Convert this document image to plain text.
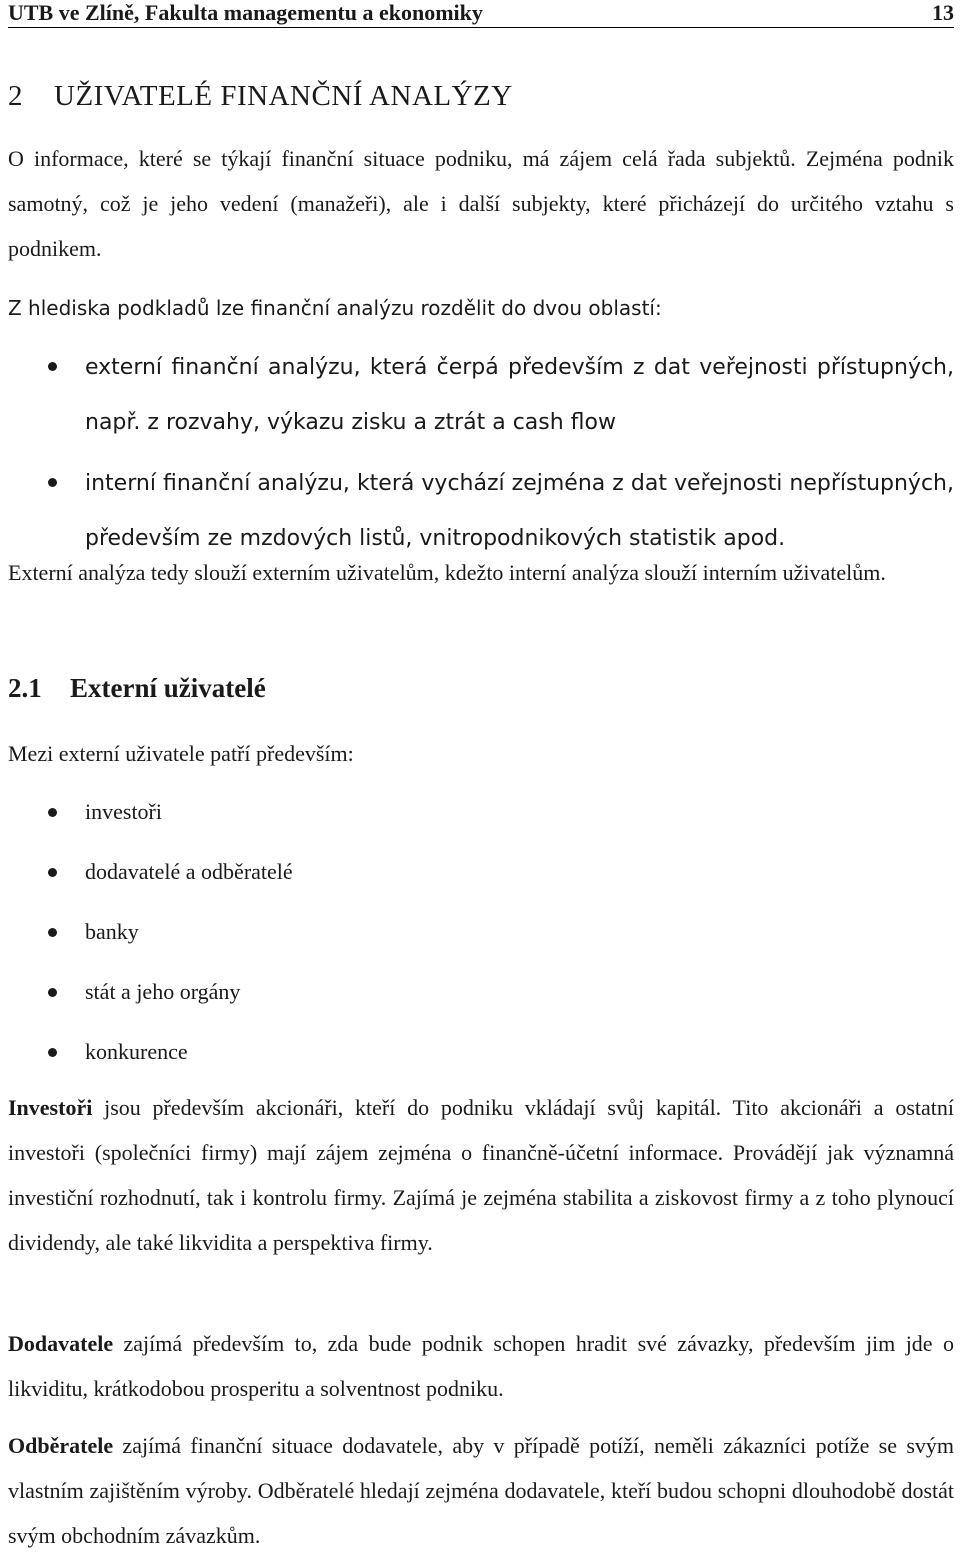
UTB ve Zlíně, Fakulta managementu a ekonomiky	13
2 UŽIVATELÉ FINANČNÍ ANALÝZY

O informace, které se týkají finanční situace podniku, má zájem celá řada subjektů. Zejména podnik samotný, což je jeho vedení (manažeři), ale i další subjekty, které přicházejí do určitého vztahu s podnikem.

Z hlediska podkladů lze finanční analýzu rozdělit do dvou oblastí:

externí finanční analýzu, která čerpá především z dat veřejnosti přístupných, např. z rozvahy, výkazu zisku a ztrát a cash flow
interní finanční analýzu, která vychází zejména z dat veřejnosti nepřístupných, především ze mzdových listů, vnitropodnikových statistik apod.

Externí analýza tedy slouží externím uživatelům, kdežto interní analýza slouží interním uživatelům.

2.1 Externí uživatelé

Mezi externí uživatele patří především:

investoři
dodavatelé a odběratelé
banky
stát a jeho orgány
konkurence

Investoři jsou především akcionáři, kteří do podniku vkládají svůj kapitál. Tito akcionáři a ostatní investoři (společníci firmy) mají zájem zejména o finančně-účetní informace. Provádějí jak významná investiční rozhodnutí, tak i kontrolu firmy. Zajímá je zejména stabilita a ziskovost firmy a z toho plynoucí dividendy, ale také likvidita a perspektiva firmy.

Dodavatele zajímá především to, zda bude podnik schopen hradit své závazky, především jim jde o likviditu, krátkodobou prosperitu a solventnost podniku.

Odběratele zajímá finanční situace dodavatele, aby v případě potíží, neměli zákazníci potíže se svým vlastním zajištěním výroby. Odběratelé hledají zejména dodavatele, kteří budou schopni dlouhodobě dostát svým obchodním závazkům.
